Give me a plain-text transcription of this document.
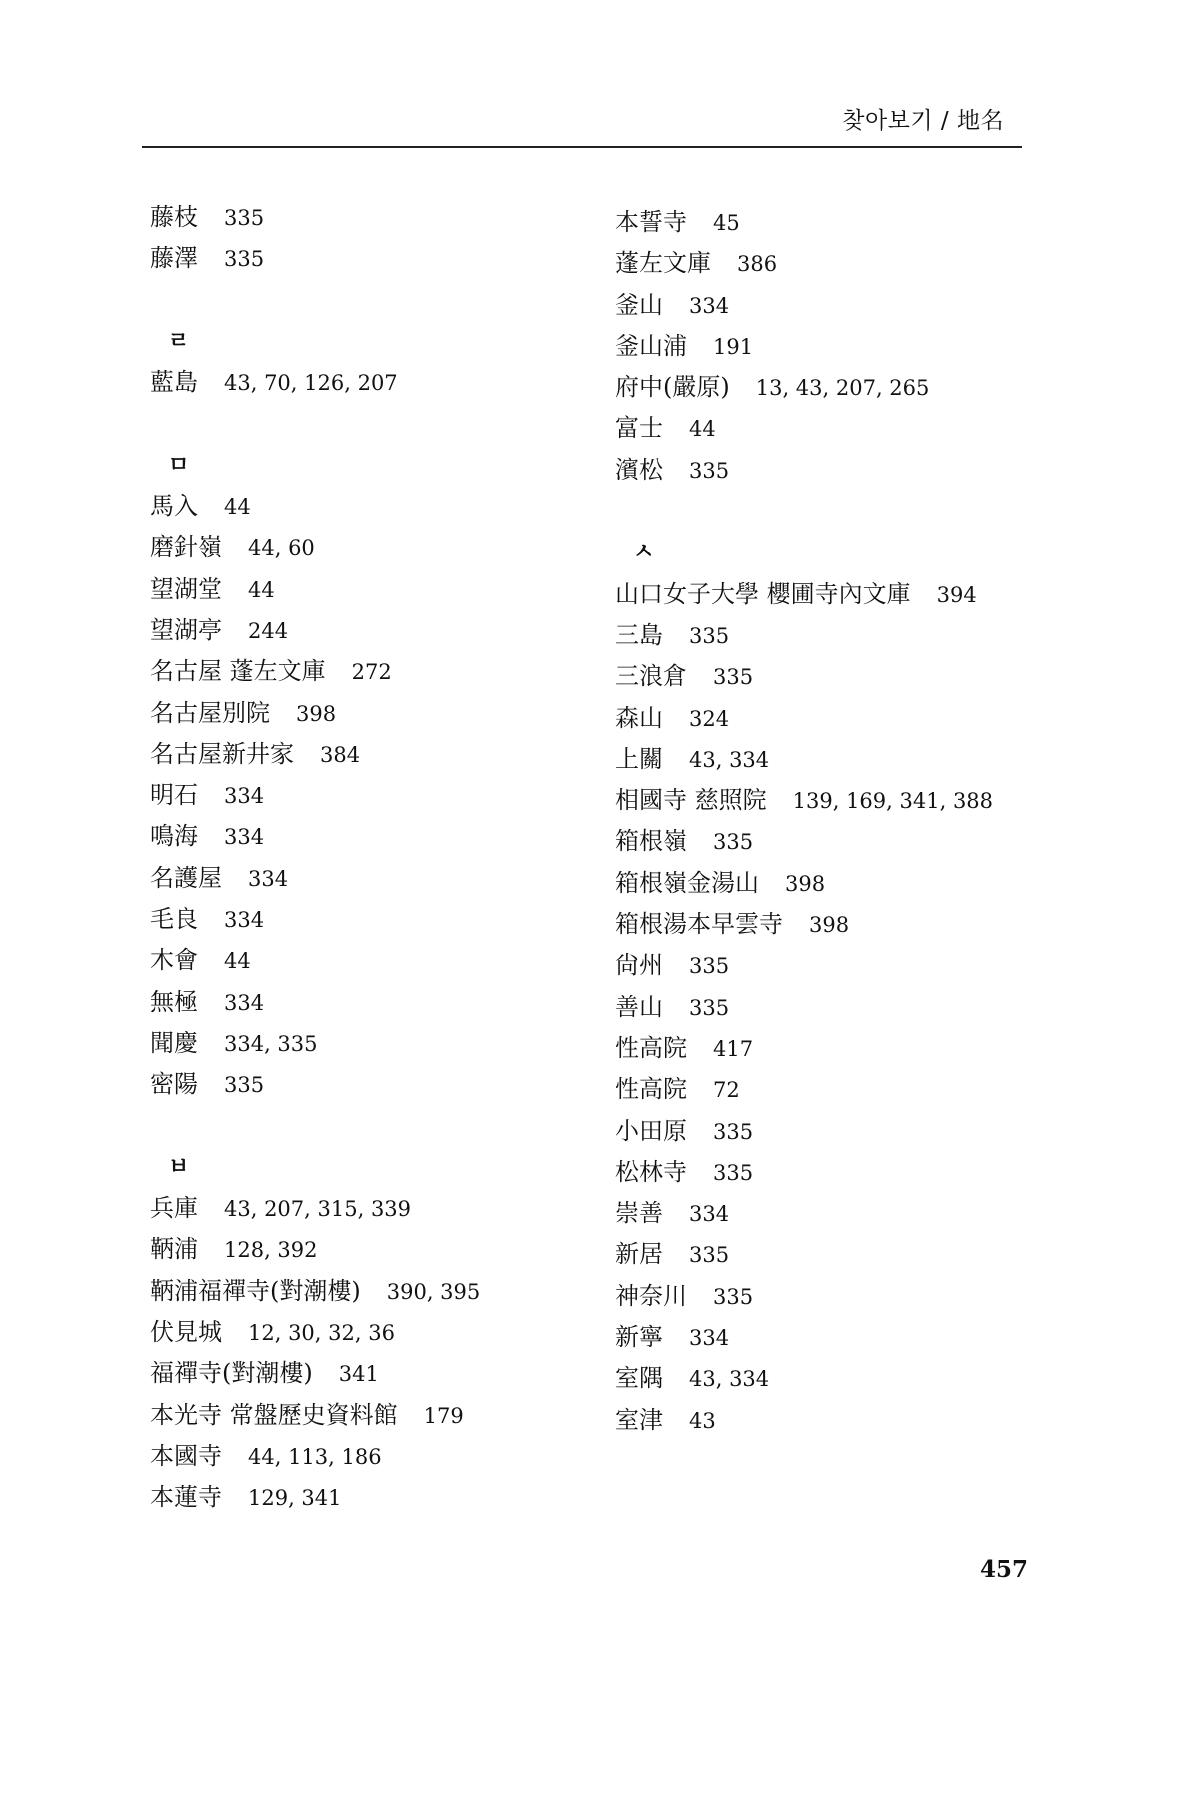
찾아보기 / 地名
藤枝 335
藤澤 335
ㄹ
藍島 43, 70, 126, 207
ㅁ
馬入 44
磨針嶺 44, 60
望湖堂 44
望湖亭 244
名古屋 蓬左文庫 272
名古屋別院 398
名古屋新井家 384
明石 334
鳴海 334
名護屋 334
毛良 334
木會 44
無極 334
聞慶 334, 335
密陽 335
ㅂ
兵庫 43, 207, 315, 339
鞆浦 128, 392
鞆浦福禪寺(對潮樓) 390, 395
伏見城 12, 30, 32, 36
福禪寺(對潮樓) 341
本光寺 常盤歷史資料館 179
本國寺 44, 113, 186
本蓮寺 129, 341
本誓寺 45
蓬左文庫 386
釜山 334
釜山浦 191
府中(嚴原) 13, 43, 207, 265
富士 44
濱松 335
ㅅ
山口女子大學 櫻圃寺內文庫 394
三島 335
三浪倉 335
森山 324
上關 43, 334
相國寺 慈照院 139, 169, 341, 388
箱根嶺 335
箱根嶺金湯山 398
箱根湯本早雲寺 398
尙州 335
善山 335
性高院 417
性高院 72
小田原 335
松林寺 335
崇善 334
新居 335
神奈川 335
新寧 334
室隅 43, 334
室津 43
457
